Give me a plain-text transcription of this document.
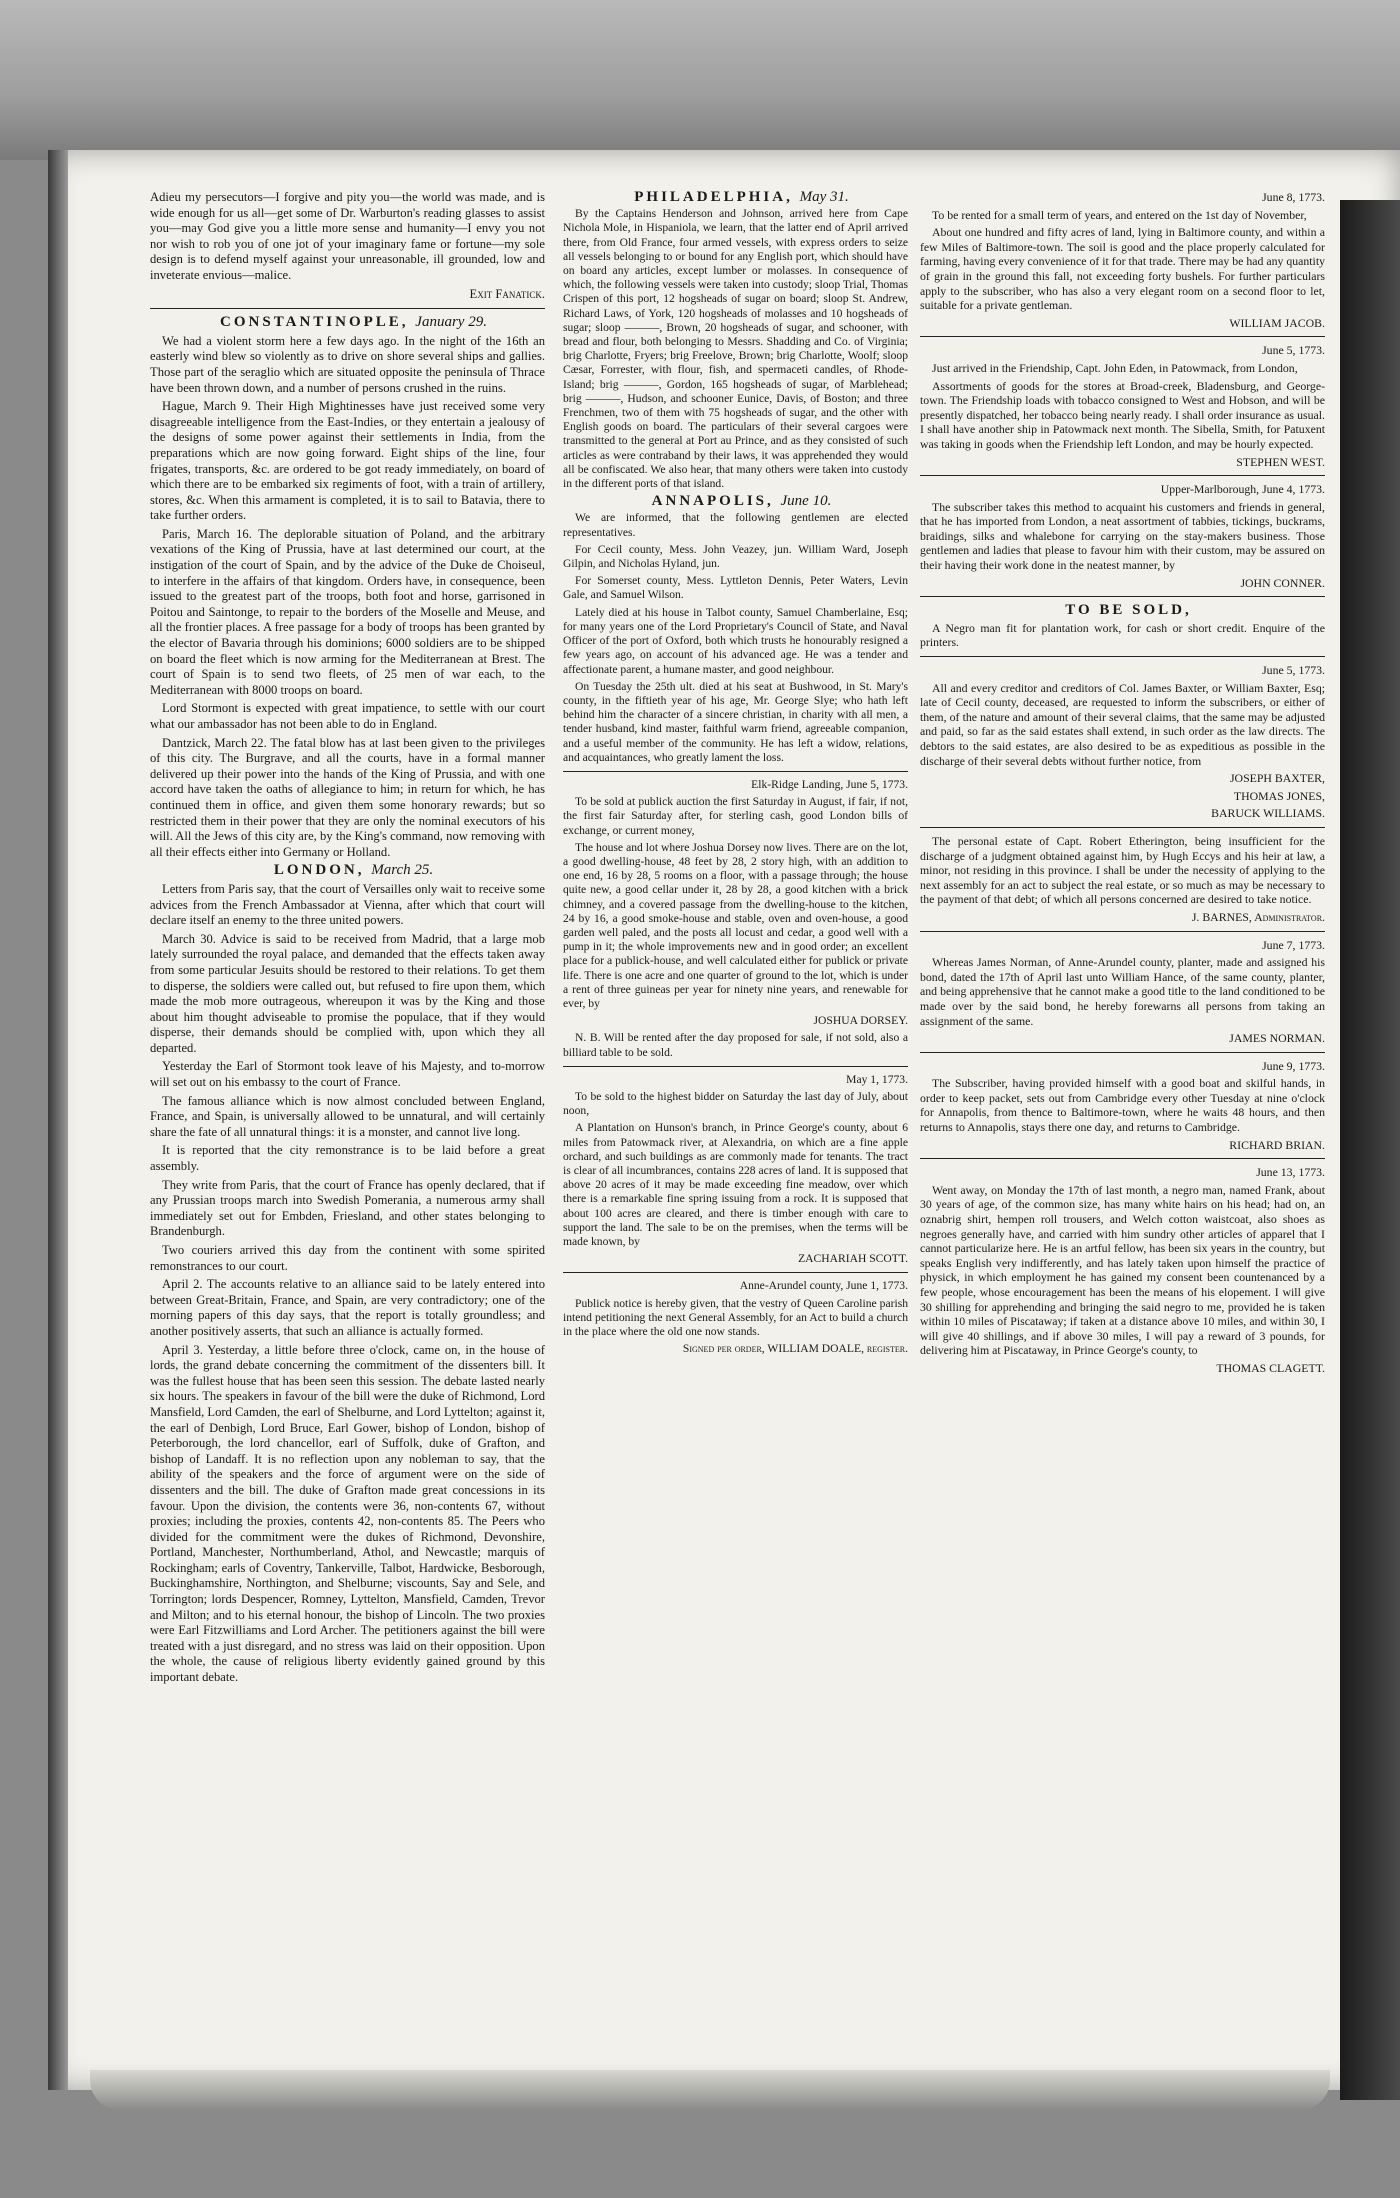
Adieu my persecutors—I forgive and pity you—the world was made, and is wide enough for us all—get some of Dr. Warburton's reading glasses to assist you—may God give you a little more sense and humanity—I envy you not nor wish to rob you of one jot of your imaginary fame or fortune—my sole design is to defend myself against your unreasonable, ill grounded, low and inveterate envious—malice.

Exit Fanatick.

CONSTANTINOPLE, January 29.

We had a violent storm here a few days ago. In the night of the 16th an easterly wind blew so violently as to drive on shore several ships and gallies. Those part of the seraglio which are situated opposite the peninsula of Thrace have been thrown down, and a number of persons crushed in the ruins.

Hague, March 9. Their High Mightinesses have just received some very disagreeable intelligence from the East-Indies, or they entertain a jealousy of the designs of some power against their settlements in India, from the preparations which are now going forward. Eight ships of the line, four frigates, transports, &c. are ordered to be got ready immediately, on board of which there are to be embarked six regiments of foot, with a train of artillery, stores, &c. When this armament is completed, it is to sail to Batavia, there to take further orders.

Paris, March 16. The deplorable situation of Poland, and the arbitrary vexations of the King of Prussia, have at last determined our court, at the instigation of the court of Spain, and by the advice of the Duke de Choiseul, to interfere in the affairs of that kingdom. Orders have, in consequence, been issued to the greatest part of the troops, both foot and horse, garrisoned in Poitou and Saintonge, to repair to the borders of the Moselle and Meuse, and all the frontier places. A free passage for a body of troops has been granted by the elector of Bavaria through his dominions; 6000 soldiers are to be shipped on board the fleet which is now arming for the Mediterranean at Brest. The court of Spain is to send two fleets, of 25 men of war each, to the Mediterranean with 8000 troops on board.

Lord Stormont is expected with great impatience, to settle with our court what our ambassador has not been able to do in England.

Dantzick, March 22. The fatal blow has at last been given to the privileges of this city. The Burgrave, and all the courts, have in a formal manner delivered up their power into the hands of the King of Prussia, and with one accord have taken the oaths of allegiance to him; in return for which, he has continued them in office, and given them some honorary rewards; but so restricted them in their power that they are only the nominal executors of his will. All the Jews of this city are, by the King's command, now removing with all their effects either into Germany or Holland.

LONDON, March 25.

Letters from Paris say, that the court of Versailles only wait to receive some advices from the French Ambassador at Vienna, after which that court will declare itself an enemy to the three united powers.

March 30. Advice is said to be received from Madrid, that a large mob lately surrounded the royal palace, and demanded that the effects taken away from some particular Jesuits should be restored to their relations. To get them to disperse, the soldiers were called out, but refused to fire upon them, which made the mob more outrageous, whereupon it was by the King and those about him thought adviseable to promise the populace, that if they would disperse, their demands should be complied with, upon which they all departed.

Yesterday the Earl of Stormont took leave of his Majesty, and to-morrow will set out on his embassy to the court of France.

The famous alliance which is now almost concluded between England, France, and Spain, is universally allowed to be unnatural, and will certainly share the fate of all unnatural things: it is a monster, and cannot live long.

It is reported that the city remonstrance is to be laid before a great assembly.

They write from Paris, that the court of France has openly declared, that if any Prussian troops march into Swedish Pomerania, a numerous army shall immediately set out for Embden, Friesland, and other states belonging to Brandenburgh.

Two couriers arrived this day from the continent with some spirited remonstrances to our court.

April 2. The accounts relative to an alliance said to be lately entered into between Great-Britain, France, and Spain, are very contradictory; one of the morning papers of this day says, that the report is totally groundless; and another positively asserts, that such an alliance is actually formed.

April 3. Yesterday, a little before three o'clock, came on, in the house of lords, the grand debate concerning the commitment of the dissenters bill. It was the fullest house that has been seen this session. The debate lasted nearly six hours. The speakers in favour of the bill were the duke of Richmond, Lord Mansfield, Lord Camden, the earl of Shelburne, and Lord Lyttelton; against it, the earl of Denbigh, Lord Bruce, Earl Gower, bishop of London, bishop of Peterborough, the lord chancellor, earl of Suffolk, duke of Grafton, and bishop of Landaff. It is no reflection upon any nobleman to say, that the ability of the speakers and the force of argument were on the side of dissenters and the bill. The duke of Grafton made great concessions in its favour. Upon the division, the contents were 36, non-contents 67, without proxies; including the proxies, contents 42, non-contents 85. The Peers who divided for the commitment were the dukes of Richmond, Devonshire, Portland, Manchester, Northumberland, Athol, and Newcastle; marquis of Rockingham; earls of Coventry, Tankerville, Talbot, Hardwicke, Besborough, Buckinghamshire, Northington, and Shelburne; viscounts, Say and Sele, and Torrington; lords Despencer, Romney, Lyttelton, Mansfield, Camden, Trevor and Milton; and to his eternal honour, the bishop of Lincoln. The two proxies were Earl Fitzwilliams and Lord Archer. The petitioners against the bill were treated with a just disregard, and no stress was laid on their opposition. Upon the whole, the cause of religious liberty evidently gained ground by this important debate.

PHILADELPHIA, May 31.

By the Captains Henderson and Johnson, arrived here from Cape Nichola Mole, in Hispaniola, we learn, that the latter end of April arrived there, from Old France, four armed vessels, with express orders to seize all vessels belonging to or bound for any English port, which should have on board any articles, except lumber or molasses. In consequence of which, the following vessels were taken into custody; sloop Trial, Thomas Crispen of this port, 12 hogsheads of sugar on board; sloop St. Andrew, Richard Laws, of York, 120 hogsheads of molasses and 10 hogsheads of sugar; sloop ———, Brown, 20 hogsheads of sugar, and schooner, with bread and flour, both belonging to Messrs. Shadding and Co. of Virginia; brig Charlotte, Fryers; brig Freelove, Brown; brig Charlotte, Woolf; sloop Cæsar, Forrester, with flour, fish, and spermaceti candles, of Rhode-Island; brig ———, Gordon, 165 hogsheads of sugar, of Marblehead; brig ———, Hudson, and schooner Eunice, Davis, of Boston; and three Frenchmen, two of them with 75 hogsheads of sugar, and the other with English goods on board. The particulars of their several cargoes were transmitted to the general at Port au Prince, and as they consisted of such articles as were contraband by their laws, it was apprehended they would all be confiscated. We also hear, that many others were taken into custody in the different ports of that island.

ANNAPOLIS, June 10.

We are informed, that the following gentlemen are elected representatives.

For Cecil county, Mess. John Veazey, jun. William Ward, Joseph Gilpin, and Nicholas Hyland, jun.

For Somerset county, Mess. Lyttleton Dennis, Peter Waters, Levin Gale, and Samuel Wilson.

Lately died at his house in Talbot county, Samuel Chamberlaine, Esq; for many years one of the Lord Proprietary's Council of State, and Naval Officer of the port of Oxford, both which trusts he honourably resigned a few years ago, on account of his advanced age. He was a tender and affectionate parent, a humane master, and good neighbour.

On Tuesday the 25th ult. died at his seat at Bushwood, in St. Mary's county, in the fiftieth year of his age, Mr. George Slye; who hath left behind him the character of a sincere christian, in charity with all men, a tender husband, kind master, faithful warm friend, agreeable companion, and a useful member of the community. He has left a widow, relations, and acquaintances, who greatly lament the loss.

Elk-Ridge Landing, June 5, 1773.

To be sold at publick auction the first Saturday in August, if fair, if not, the first fair Saturday after, for sterling cash, good London bills of exchange, or current money,

The house and lot where Joshua Dorsey now lives. There are on the lot, a good dwelling-house, 48 feet by 28, 2 story high, with an addition to one end, 16 by 28, 5 rooms on a floor, with a passage through; the house quite new, a good cellar under it, 28 by 28, a good kitchen with a brick chimney, and a covered passage from the dwelling-house to the kitchen, 24 by 16, a good smoke-house and stable, oven and oven-house, a good garden well paled, and the posts all locust and cedar, a good well with a pump in it; the whole improvements new and in good order; an excellent place for a publick-house, and well calculated either for publick or private life. There is one acre and one quarter of ground to the lot, which is under a rent of three guineas per year for ninety nine years, and renewable for ever, by

JOSHUA DORSEY.

N. B. Will be rented after the day proposed for sale, if not sold, also a billiard table to be sold.

May 1, 1773.

To be sold to the highest bidder on Saturday the last day of July, about noon,

A Plantation on Hunson's branch, in Prince George's county, about 6 miles from Patowmack river, at Alexandria, on which are a fine apple orchard, and such buildings as are commonly made for tenants. The tract is clear of all incumbrances, contains 228 acres of land. It is supposed that above 20 acres of it may be made exceeding fine meadow, over which there is a remarkable fine spring issuing from a rock. It is supposed that about 100 acres are cleared, and there is timber enough with care to support the land. The sale to be on the premises, when the terms will be made known, by

ZACHARIAH SCOTT.

Anne-Arundel county, June 1, 1773.

Publick notice is hereby given, that the vestry of Queen Caroline parish intend petitioning the next General Assembly, for an Act to build a church in the place where the old one now stands.

Signed per order, WILLIAM DOALE, register.

June 8, 1773.

To be rented for a small term of years, and entered on the 1st day of November,

About one hundred and fifty acres of land, lying in Baltimore county, and within a few Miles of Baltimore-town. The soil is good and the place properly calculated for farming, having every convenience of it for that trade. There may be had any quantity of grain in the ground this fall, not exceeding forty bushels. For further particulars apply to the subscriber, who has also a very elegant room on a second floor to let, suitable for a private gentleman.

WILLIAM JACOB.

June 5, 1773.

Just arrived in the Friendship, Capt. John Eden, in Patowmack, from London,

Assortments of goods for the stores at Broad-creek, Bladensburg, and George-town. The Friendship loads with tobacco consigned to West and Hobson, and will be presently dispatched, her tobacco being nearly ready. I shall order insurance as usual. I shall have another ship in Patowmack next month. The Sibella, Smith, for Patuxent was taking in goods when the Friendship left London, and may be hourly expected.

STEPHEN WEST.

Upper-Marlborough, June 4, 1773.

The subscriber takes this method to acquaint his customers and friends in general, that he has imported from London, a neat assortment of tabbies, tickings, buckrams, braidings, silks and whalebone for carrying on the stay-makers business. Those gentlemen and ladies that please to favour him with their custom, may be assured on their having their work done in the neatest manner, by

JOHN CONNER.

TO BE SOLD,

A Negro man fit for plantation work, for cash or short credit. Enquire of the printers.

June 5, 1773.

All and every creditor and creditors of Col. James Baxter, or William Baxter, Esq; late of Cecil county, deceased, are requested to inform the subscribers, or either of them, of the nature and amount of their several claims, that the same may be adjusted and paid, so far as the said estates shall extend, in such order as the law directs. The debtors to the said estates, are also desired to be as expeditious as possible in the discharge of their several debts without further notice, from

JOSEPH BAXTER,

THOMAS JONES,

BARUCK WILLIAMS.

The personal estate of Capt. Robert Etherington, being insufficient for the discharge of a judgment obtained against him, by Hugh Eccys and his heir at law, a minor, not residing in this province. I shall be under the necessity of applying to the next assembly for an act to subject the real estate, or so much as may be necessary to the payment of that debt; of which all persons concerned are desired to take notice.

J. BARNES, Administrator.

June 7, 1773.

Whereas James Norman, of Anne-Arundel county, planter, made and assigned his bond, dated the 17th of April last unto William Hance, of the same county, planter, and being apprehensive that he cannot make a good title to the land conditioned to be made over by the said bond, he hereby forewarns all persons from taking an assignment of the same.

JAMES NORMAN.

June 9, 1773.

The Subscriber, having provided himself with a good boat and skilful hands, in order to keep packet, sets out from Cambridge every other Tuesday at nine o'clock for Annapolis, from thence to Baltimore-town, where he waits 48 hours, and then returns to Annapolis, stays there one day, and returns to Cambridge.

RICHARD BRIAN.

June 13, 1773.

Went away, on Monday the 17th of last month, a negro man, named Frank, about 30 years of age, of the common size, has many white hairs on his head; had on, an oznabrig shirt, hempen roll trousers, and Welch cotton waistcoat, also shoes as negroes generally have, and carried with him sundry other articles of apparel that I cannot particularize here. He is an artful fellow, has been six years in the country, but speaks English very indifferently, and has lately taken upon himself the practice of physick, in which employment he has gained my consent been countenanced by a few people, whose encouragement has been the means of his elopement. I will give 30 shilling for apprehending and bringing the said negro to me, provided he is taken within 10 miles of Piscataway; if taken at a distance above 10 miles, and within 30, I will give 40 shillings, and if above 30 miles, I will pay a reward of 3 pounds, for delivering him at Piscataway, in Prince George's county, to

THOMAS CLAGETT.
